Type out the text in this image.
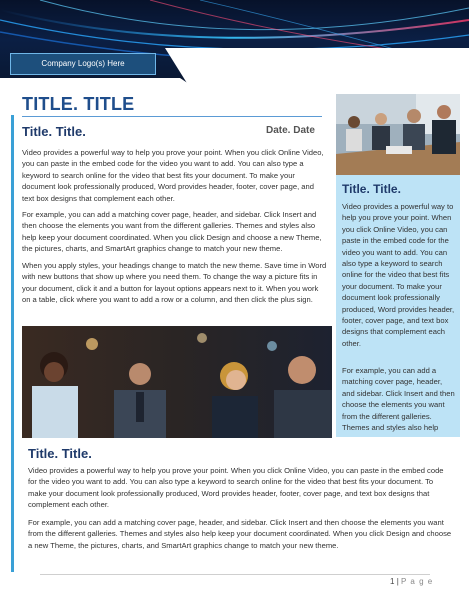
Company Logo(s) Here
TITLE. TITLE
Title. Title.	Date. Date

Video provides a powerful way to help you prove your point. When you click Online Video, you can paste in the embed code for the video you want to add. You can also type a keyword to search online for the video that best fits your document. To make your document look professionally produced, Word provides header, footer, cover page, and text box designs that complement each other.

For example, you can add a matching cover page, header, and sidebar. Click Insert and then choose the elements you want from the different galleries. Themes and styles also help keep your document coordinated. When you click Design and choose a new Theme, the pictures, charts, and SmartArt graphics change to match your new theme.

When you apply styles, your headings change to match the new theme. Save time in Word with new buttons that show up where you need them. To change the way a picture fits in your document, click it and a button for layout options appears next to it. When you work on a table, click where you want to add a row or a column, and then click the plus sign.

Title. Title.

Video provides a powerful way to help you prove your point. When you click Online Video, you can paste in the embed code for the video you want to add. You can also type a keyword to search online for the video that best fits your document. To make your document look professionally produced, Word provides header, footer, cover page, and text box designs that complement each other.

For example, you can add a matching cover page, header, and sidebar. Click Insert and then choose the elements you want from the different galleries. Themes and styles also help

Title. Title.

Video provides a powerful way to help you prove your point. When you click Online Video, you can paste in the embed code for the video you want to add. You can also type a keyword to search online for the video that best fits your document. To make your document look professionally produced, Word provides header, footer, cover page, and text box designs that complement each other.

For example, you can add a matching cover page, header, and sidebar. Click Insert and then choose the elements you want from the different galleries. Themes and styles also help keep your document coordinated. When you click Design and choose a new Theme, the pictures, charts, and SmartArt graphics change to match your new theme.

1 | P a g e
